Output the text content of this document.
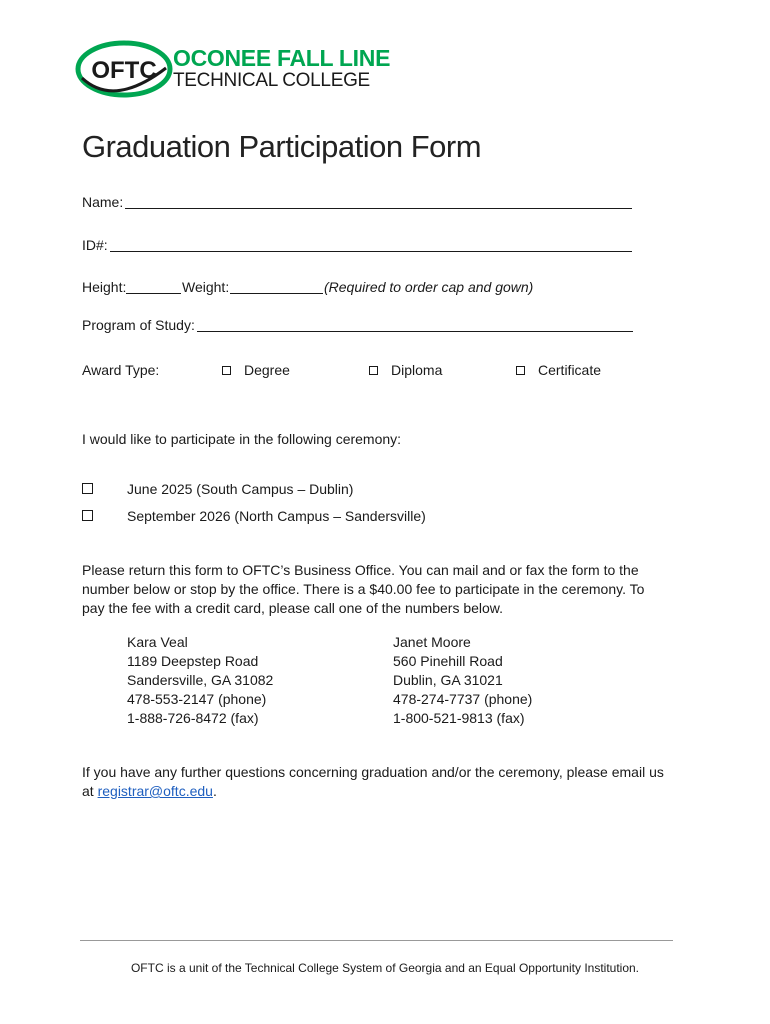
OFTC OCONEE FALL LINE
TECHNICAL COLLEGE
Graduation Participation Form
Name:
ID#:
Height:	Weight:	(Required to order cap and gown)
Program of Study:
Award Type:	Degree	Diploma	Certificate
I would like to participate in the following ceremony:
June 2025 (South Campus – Dublin)
September 2026 (North Campus – Sandersville)
Please return this form to OFTC’s Business Office. You can mail and or fax the form to the
number below or stop by the office. There is a $40.00 fee to participate in the ceremony. To
pay the fee with a credit card, please call one of the numbers below.
Kara Veal
1189 Deepstep Road
Sandersville, GA 31082
478-553-2147 (phone)
1-888-726-8472 (fax)
Janet Moore
560 Pinehill Road
Dublin, GA 31021
478-274-7737 (phone)
1-800-521-9813 (fax)
If you have any further questions concerning graduation and/or the ceremony, please email us
at registrar@oftc.edu.
OFTC is a unit of the Technical College System of Georgia and an Equal Opportunity Institution.
